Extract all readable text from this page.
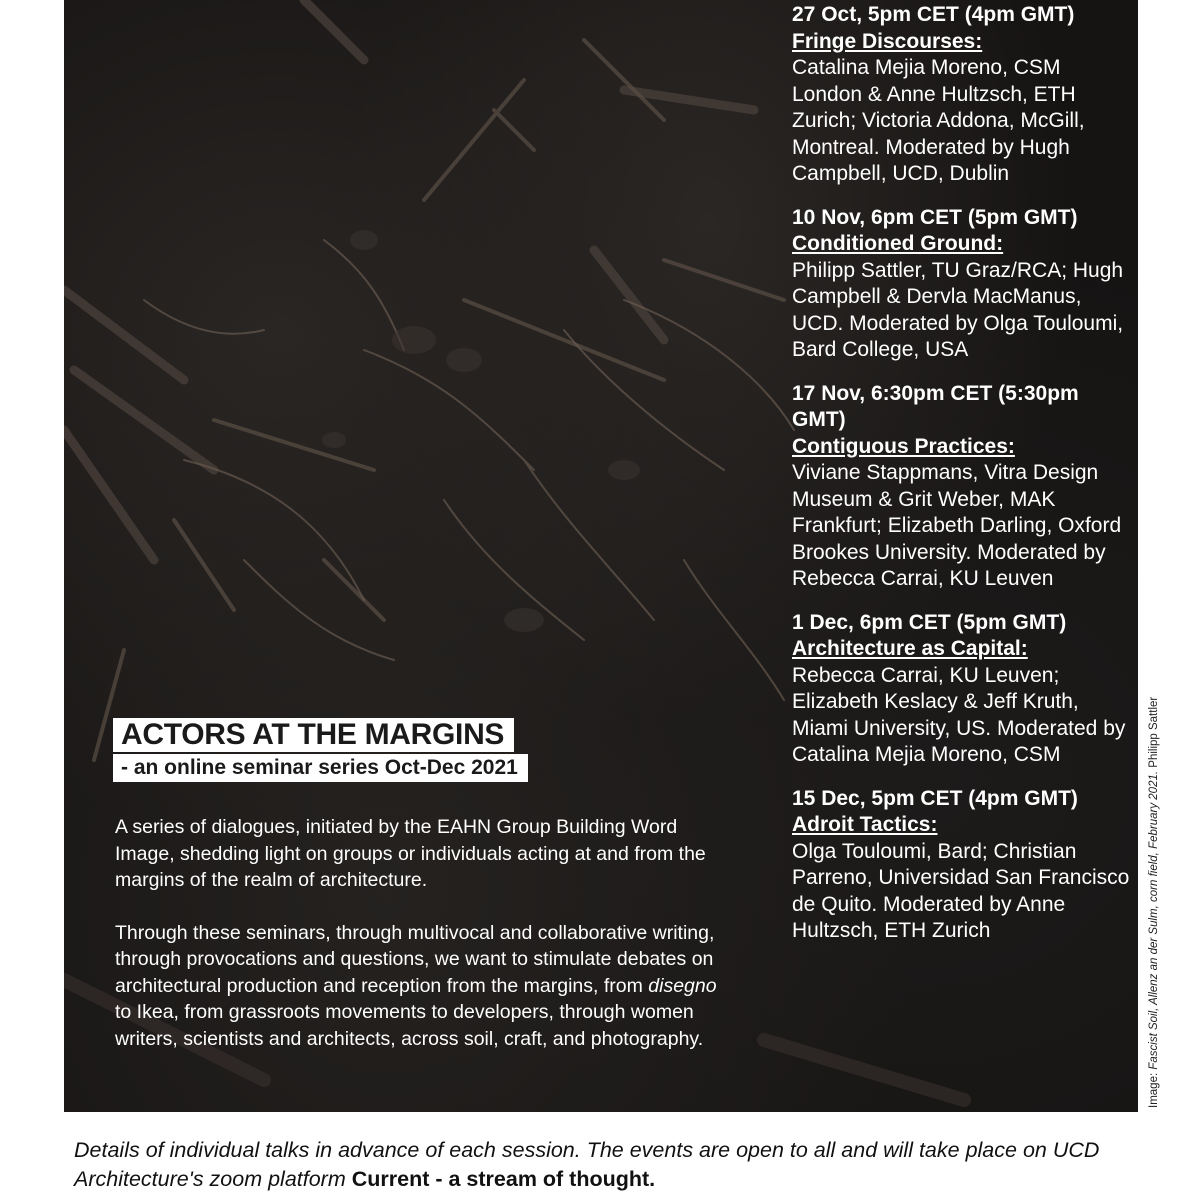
27 Oct, 5pm CET (4pm GMT)
Fringe Discourses:
Catalina Mejia Moreno, CSM London & Anne Hultzsch, ETH Zurich; Victoria Addona, McGill, Montreal. Moderated by Hugh Campbell, UCD, Dublin
10 Nov, 6pm CET (5pm GMT)
Conditioned Ground:
Philipp Sattler, TU Graz/RCA; Hugh Campbell & Dervla MacManus, UCD. Moderated by Olga Touloumi, Bard College, USA
17 Nov, 6:30pm CET (5:30pm GMT)
Contiguous Practices:
Viviane Stappmans, Vitra Design Museum & Grit Weber, MAK Frankfurt; Elizabeth Darling, Oxford Brookes University. Moderated by Rebecca Carrai, KU Leuven
1 Dec, 6pm CET (5pm GMT)
Architecture as Capital:
Rebecca Carrai, KU Leuven; Elizabeth Keslacy & Jeff Kruth, Miami University, US. Moderated by Catalina Mejia Moreno, CSM
15 Dec, 5pm CET (4pm GMT)
Adroit Tactics:
Olga Touloumi, Bard; Christian Parreno, Universidad San Francisco de Quito. Moderated by Anne Hultzsch, ETH Zurich
ACTORS AT THE MARGINS
- an online seminar series Oct-Dec 2021

A series of dialogues, initiated by the EAHN Group Building Word Image, shedding light on groups or individuals acting at and from the margins of the realm of architecture.

Through these seminars, through multivocal and collaborative writing, through provocations and questions, we want to stimulate debates on architectural production and reception from the margins, from disegno to Ikea, from grassroots movements to developers, through women writers, scientists and architects, across soil, craft, and photography.

Image: Fascist Soil, Allenz an der Sulm, corn field, February 2021. Philipp Sattler
Details of individual talks in advance of each session. The events are open to all and will take place on UCD Architecture's zoom platform Current - a stream of thought.
